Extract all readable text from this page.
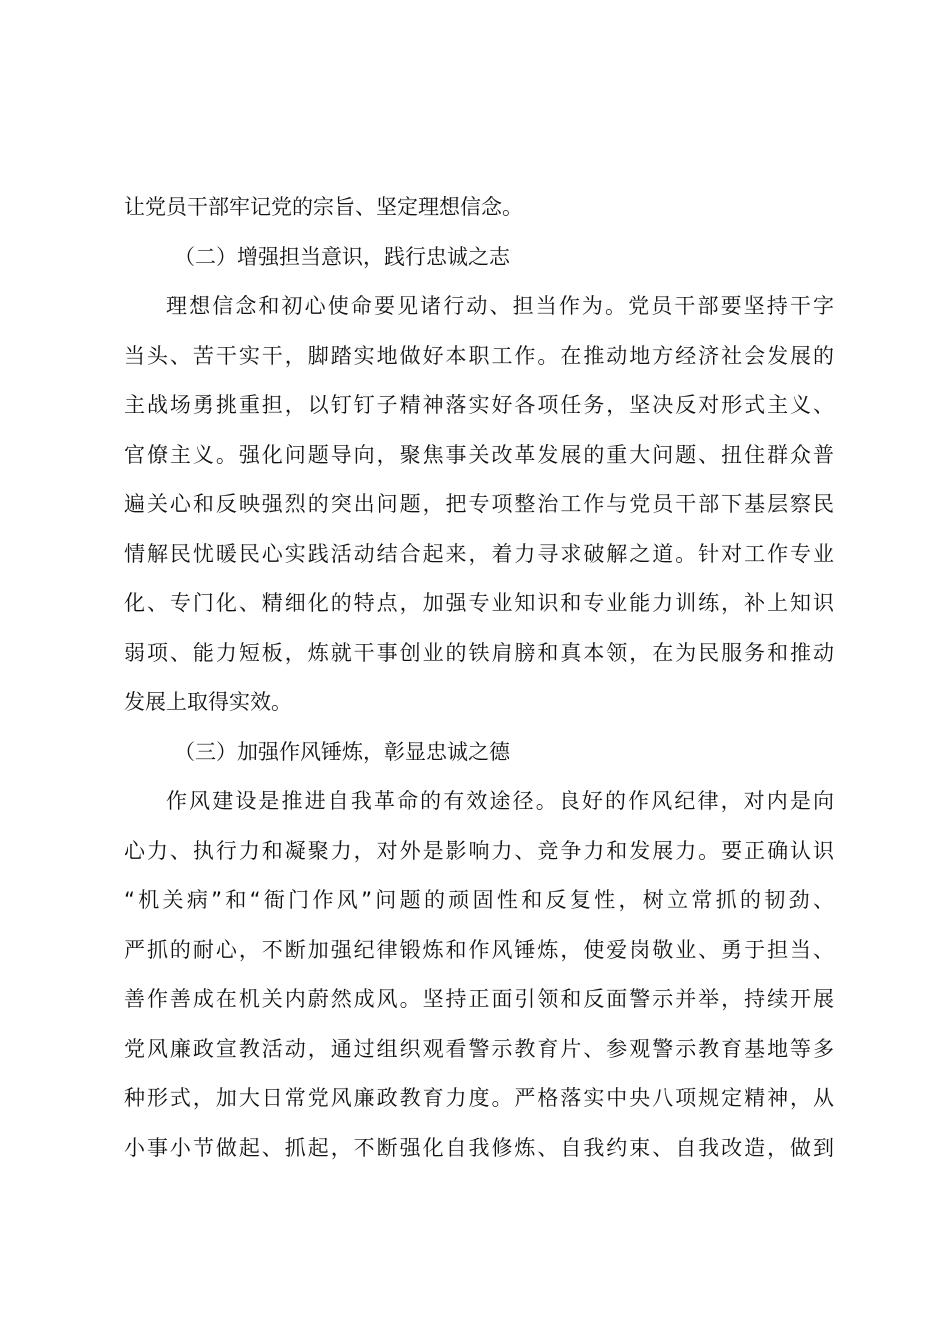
让党员干部牢记党的宗旨、坚定理想信念。
（二）增强担当意识，践行忠诚之志
理想信念和初心使命要见诸行动、担当作为。党员干部要坚持干字
当头、苦干实干，脚踏实地做好本职工作。在推动地方经济社会发展的
主战场勇挑重担，以钉钉子精神落实好各项任务，坚决反对形式主义、
官僚主义。强化问题导向，聚焦事关改革发展的重大问题、扭住群众普
遍关心和反映强烈的突出问题，把专项整治工作与党员干部下基层察民
情解民忧暖民心实践活动结合起来，着力寻求破解之道。针对工作专业
化、专门化、精细化的特点，加强专业知识和专业能力训练，补上知识
弱项、能力短板，炼就干事创业的铁肩膀和真本领，在为民服务和推动
发展上取得实效。
（三）加强作风锤炼，彰显忠诚之德
作风建设是推进自我革命的有效途径。良好的作风纪律，对内是向
心力、执行力和凝聚力，对外是影响力、竞争力和发展力。要正确认识
“机关病”和“衙门作风”问题的顽固性和反复性，树立常抓的韧劲、
严抓的耐心，不断加强纪律锻炼和作风锤炼，使爱岗敬业、勇于担当、
善作善成在机关内蔚然成风。坚持正面引领和反面警示并举，持续开展
党风廉政宣教活动，通过组织观看警示教育片、参观警示教育基地等多
种形式，加大日常党风廉政教育力度。严格落实中央八项规定精神，从
小事小节做起、抓起，不断强化自我修炼、自我约束、自我改造，做到
